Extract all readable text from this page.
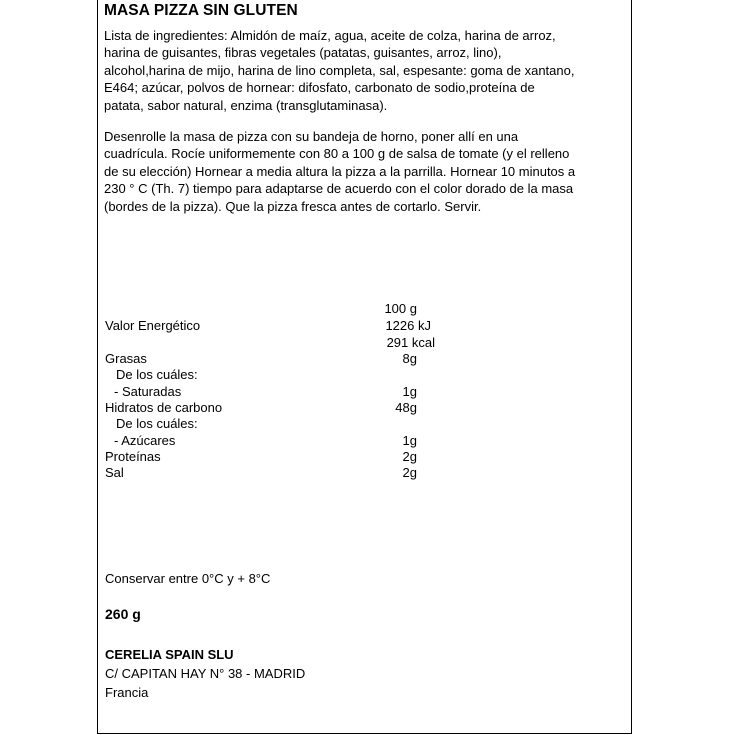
MASA PIZZA SIN GLUTEN
Lista de ingredientes: Almidón de maíz, agua, aceite de colza, harina de arroz,
harina de guisantes, fibras vegetales (patatas, guisantes, arroz, lino),
alcohol,harina de mijo, harina de lino completa, sal, espesante: goma de xantano,
E464; azúcar, polvos de hornear: difosfato, carbonato de sodio,proteína de
patata, sabor natural, enzima (transglutaminasa).
Desenrolle la masa de pizza con su bandeja de horno, poner allí en una
cuadrícula. Rocíe uniformemente con 80 a 100 g de salsa de tomate (y el relleno
de su elección) Hornear a media altura la pizza a la parrilla. Hornear 10 minutos a
230 ° C (Th. 7) tiempo para adaptarse de acuerdo con el color dorado de la masa
(bordes de la pizza). Que la pizza fresca antes de cortarlo. Servir.
100 g
Valor Energético	1226 kJ
291 kcal
Grasas	8g
De los cuáles:
- Saturadas	1g
Hidratos de carbono	48g
De los cuáles:
- Azúcares	1g
Proteínas	2g
Sal	2g
Conservar entre 0°C y + 8°C
260 g
CERELIA SPAIN SLU
C/ CAPITAN HAY N° 38 - MADRID
Francia
